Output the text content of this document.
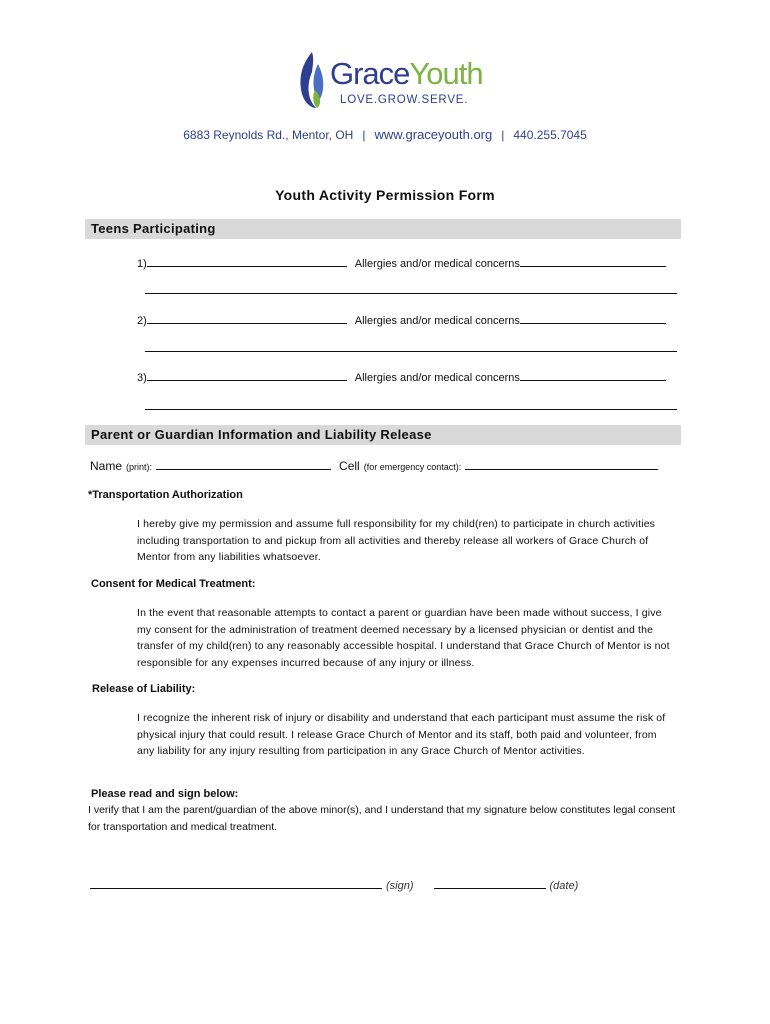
GraceYouth
LOVE.GROW.SERVE.
6883 Reynolds Rd., Mentor, OH | www.graceyouth.org | 440.255.7045
Youth Activity Permission Form
Teens Participating
1)	Allergies and/or medical concerns
2)	Allergies and/or medical concerns
3)	Allergies and/or medical concerns
Parent or Guardian Information and Liability Release
Name (print):	Cell (for emergency contact):
*Transportation Authorization
I hereby give my permission and assume full responsibility for my child(ren) to participate in church activities including transportation to and pickup from all activities and thereby release all workers of Grace Church of Mentor from any liabilities whatsoever.
Consent for Medical Treatment:
In the event that reasonable attempts to contact a parent or guardian have been made without success, I give my consent for the administration of treatment deemed necessary by a licensed physician or dentist and the transfer of my child(ren) to any reasonably accessible hospital. I understand that Grace Church of Mentor is not responsible for any expenses incurred because of any injury or illness.
Release of Liability:
I recognize the inherent risk of injury or disability and understand that each participant must assume the risk of physical injury that could result. I release Grace Church of Mentor and its staff, both paid and volunteer, from any liability for any injury resulting from participation in any Grace Church of Mentor activities.
Please read and sign below:
I verify that I am the parent/guardian of the above minor(s), and I understand that my signature below constitutes legal consent for transportation and medical treatment.
(sign)	(date)
